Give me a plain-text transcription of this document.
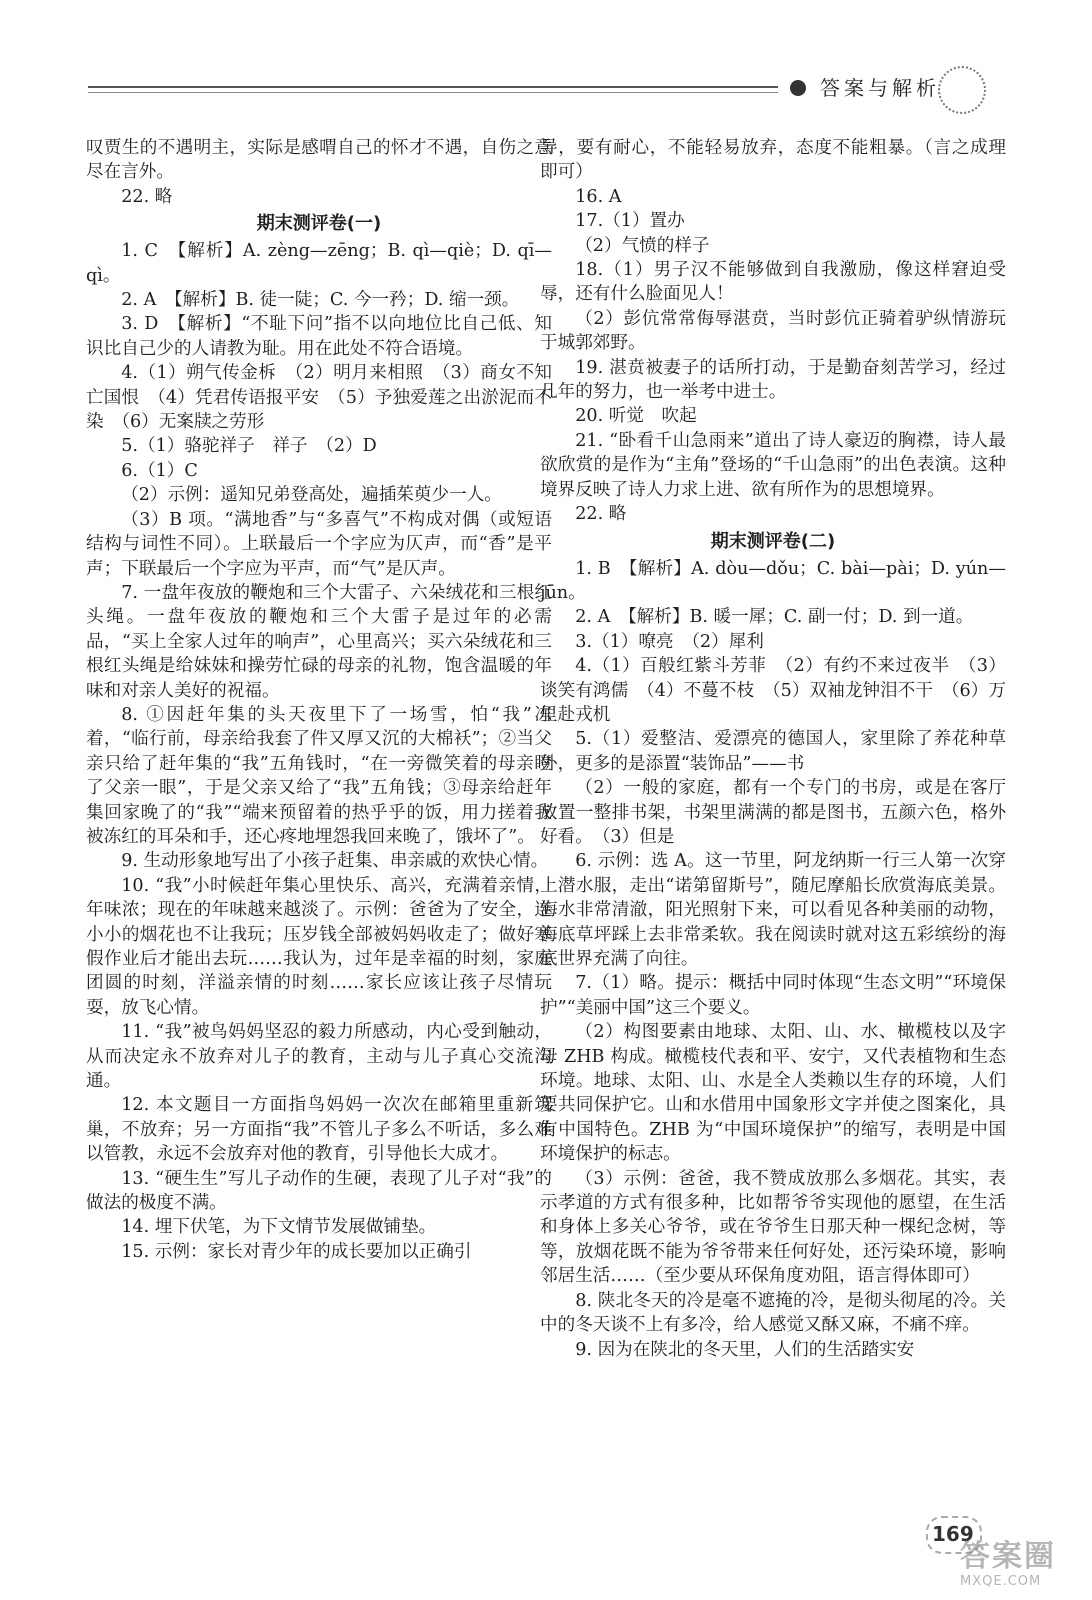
答案与解析

叹贾生的不遇明主，实际是感喟自己的怀才不遇，自伤之意尽在言外。

22. 略

期末测评卷(一)

1. C　【解析】A. zèng—zēng；B. qì—qiè；D. qī—qì。

2. A　【解析】B. 徒一陡；C. 今一矜；D. 缩一颈。

3. D　【解析】“不耻下问”指不以向地位比自己低、知识比自己少的人请教为耻。用在此处不符合语境。

4.（1）朔气传金柝　（2）明月来相照　（3）商女不知亡国恨　（4）凭君传语报平安　（5）予独爱莲之出淤泥而不染　（6）无案牍之劳形

5.（1）骆驼祥子　祥子　（2）D

6.（1）C

（2）示例：遥知兄弟登高处，遍插茱萸少一人。

（3）B 项。“满地香”与“多喜气”不构成对偶（或短语结构与词性不同）。上联最后一个字应为仄声，而“香”是平声；下联最后一个字应为平声，而“气”是仄声。

7. 一盘年夜放的鞭炮和三个大雷子、六朵绒花和三根红头绳。一盘年夜放的鞭炮和三个大雷子是过年的必需品，“买上全家人过年的响声”，心里高兴；买六朵绒花和三根红头绳是给妹妹和操劳忙碌的母亲的礼物，饱含温暖的年味和对亲人美好的祝福。

8. ①因赶年集的头天夜里下了一场雪，怕“我”冻着，“临行前，母亲给我套了件又厚又沉的大棉袄”；②当父亲只给了赶年集的“我”五角钱时，“在一旁微笑着的母亲瞪了父亲一眼”，于是父亲又给了“我”五角钱；③母亲给赶年集回家晚了的“我”“端来预留着的热乎乎的饭，用力搓着我被冻红的耳朵和手，还心疼地埋怨我回来晚了，饿坏了”。

9. 生动形象地写出了小孩子赶集、串亲戚的欢快心情。

10. “我”小时候赶年集心里快乐、高兴，充满着亲情，年味浓；现在的年味越来越淡了。示例：爸爸为了安全，连小小的烟花也不让我玩；压岁钱全部被妈妈收走了；做好寒假作业后才能出去玩……我认为，过年是幸福的时刻，家庭团圆的时刻，洋溢亲情的时刻……家长应该让孩子尽情玩耍，放飞心情。

11. “我”被鸟妈妈坚忍的毅力所感动，内心受到触动，从而决定永不放弃对儿子的教育，主动与儿子真心交流沟通。

12. 本文题目一方面指鸟妈妈一次次在邮箱里重新筑巢，不放弃；另一方面指“我”不管儿子多么不听话，多么难以管教，永远不会放弃对他的教育，引导他长大成才。

13. “硬生生”写儿子动作的生硬，表现了儿子对“我”的做法的极度不满。

14. 埋下伏笔，为下文情节发展做铺垫。

15. 示例：家长对青少年的成长要加以正确引

导，要有耐心，不能轻易放弃，态度不能粗暴。（言之成理即可）

16. A

17.（1）置办

（2）气愤的样子

18.（1）男子汉不能够做到自我激励，像这样窘迫受辱，还有什么脸面见人！

（2）彭伉常常侮辱湛贲，当时彭伉正骑着驴纵情游玩于城郭郊野。

19. 湛贲被妻子的话所打动，于是勤奋刻苦学习，经过几年的努力，也一举考中进士。

20. 听觉　吹起

21. “卧看千山急雨来”道出了诗人豪迈的胸襟，诗人最欲欣赏的是作为“主角”登场的“千山急雨”的出色表演。这种境界反映了诗人力求上进、欲有所作为的思想境界。

22. 略

期末测评卷(二)

1. B　【解析】A. dòu—dǒu；C. bài—pài；D. yún—jūn。

2. A　【解析】B. 暖一犀；C. 副一付；D. 到一道。

3.（1）嘹亮　（2）犀利

4.（1）百般红紫斗芳菲　（2）有约不来过夜半　（3）谈笑有鸿儒　（4）不蔓不枝　（5）双袖龙钟泪不干　（6）万里赴戎机

5.（1）爱整洁、爱漂亮的德国人，家里除了养花种草外，更多的是添置“装饰品”——书

（2）一般的家庭，都有一个专门的书房，或是在客厅放置一整排书架，书架里满满的都是图书，五颜六色，格外好看。　（3）但是

6. 示例：选 A。这一节里，阿龙纳斯一行三人第一次穿上潜水服，走出“诺第留斯号”，随尼摩船长欣赏海底美景。海水非常清澈，阳光照射下来，可以看见各种美丽的动物，海底草坪踩上去非常柔软。我在阅读时就对这五彩缤纷的海底世界充满了向往。

7.（1）略。提示：概括中同时体现“生态文明”“环境保护”“美丽中国”这三个要义。

（2）构图要素由地球、太阳、山、水、橄榄枝以及字母 ZHB 构成。橄榄枝代表和平、安宁，又代表植物和生态环境。地球、太阳、山、水是全人类赖以生存的环境，人们要共同保护它。山和水借用中国象形文字并使之图案化，具有中国特色。ZHB 为“中国环境保护”的缩写，表明是中国环境保护的标志。

（3）示例：爸爸，我不赞成放那么多烟花。其实，表示孝道的方式有很多种，比如帮爷爷实现他的愿望，在生活和身体上多关心爷爷，或在爷爷生日那天种一棵纪念树，等等，放烟花既不能为爷爷带来任何好处，还污染环境，影响邻居生活……（至少要从环保角度劝阻，语言得体即可）

8. 陕北冬天的冷是毫不遮掩的冷，是彻头彻尾的冷。关中的冬天谈不上有多冷，给人感觉又酥又麻，不痛不痒。

9. 因为在陕北的冬天里，人们的生活踏实安

169
答案圈
MXQE.COM
